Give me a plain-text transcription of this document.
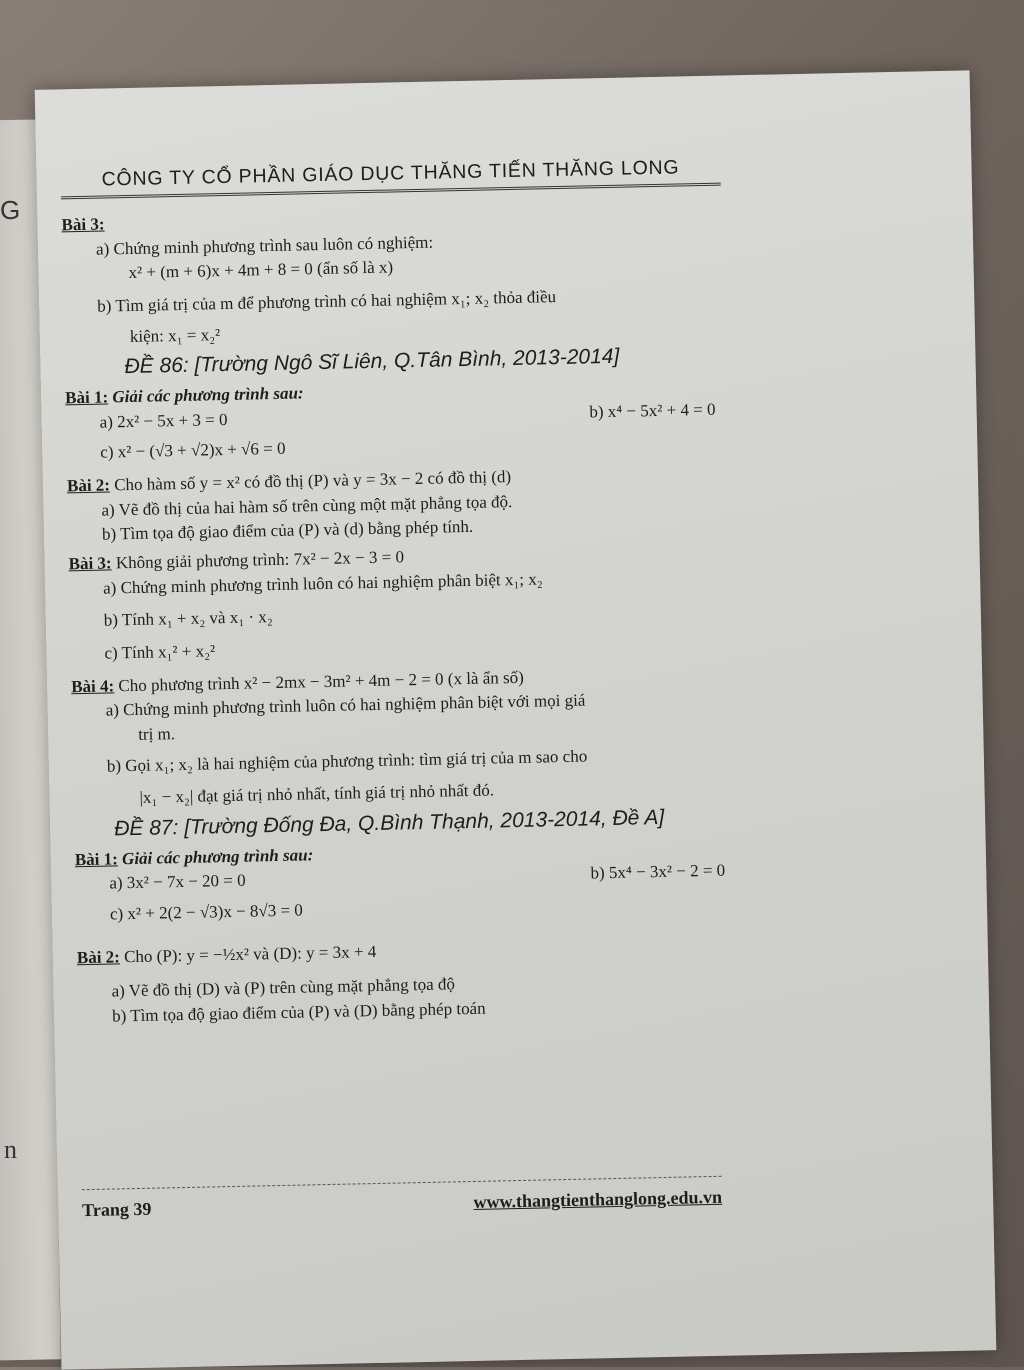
G
n
CÔNG TY CỔ PHẦN GIÁO DỤC THĂNG TIẾN THĂNG LONG
Bài 3:
a) Chứng minh phương trình sau luôn có nghiệm:
x² + (m + 6)x + 4m + 8 = 0 (ẩn số là x)
b) Tìm giá trị của m để phương trình có hai nghiệm x₁; x₂ thỏa điều
kiện: x₁ = x₂²
ĐỀ 86: [Trường Ngô Sĩ Liên, Q.Tân Bình, 2013-2014]
Bài 1: Giải các phương trình sau:
a) 2x² − 5x + 3 = 0	b) x⁴ − 5x² + 4 = 0
c) x² − (√3 + √2)x + √6 = 0
Bài 2: Cho hàm số y = x² có đồ thị (P) và y = 3x − 2 có đồ thị (d)
a) Vẽ đồ thị của hai hàm số trên cùng một mặt phẳng tọa độ.
b) Tìm tọa độ giao điểm của (P) và (d) bằng phép tính.
Bài 3: Không giải phương trình: 7x² − 2x − 3 = 0
a) Chứng minh phương trình luôn có hai nghiệm phân biệt x₁; x₂
b) Tính x₁ + x₂ và x₁ · x₂
c) Tính x₁² + x₂²
Bài 4: Cho phương trình x² − 2mx − 3m² + 4m − 2 = 0 (x là ẩn số)
a) Chứng minh phương trình luôn có hai nghiệm phân biệt với mọi giá
trị m.
b) Gọi x₁; x₂ là hai nghiệm của phương trình: tìm giá trị của m sao cho
|x₁ − x₂| đạt giá trị nhỏ nhất, tính giá trị nhỏ nhất đó.
ĐỀ 87: [Trường Đống Đa, Q.Bình Thạnh, 2013-2014, Đề A]
Bài 1: Giải các phương trình sau:
a) 3x² − 7x − 20 = 0	b) 5x⁴ − 3x² − 2 = 0
c) x² + 2(2 − √3)x − 8√3 = 0
Bài 2: Cho (P): y = −½x² và (D): y = 3x + 4
a) Vẽ đồ thị (D) và (P) trên cùng mặt phẳng tọa độ
b) Tìm tọa độ giao điểm của (P) và (D) bằng phép toán
Trang 39	www.thangtienthanglong.edu.vn
